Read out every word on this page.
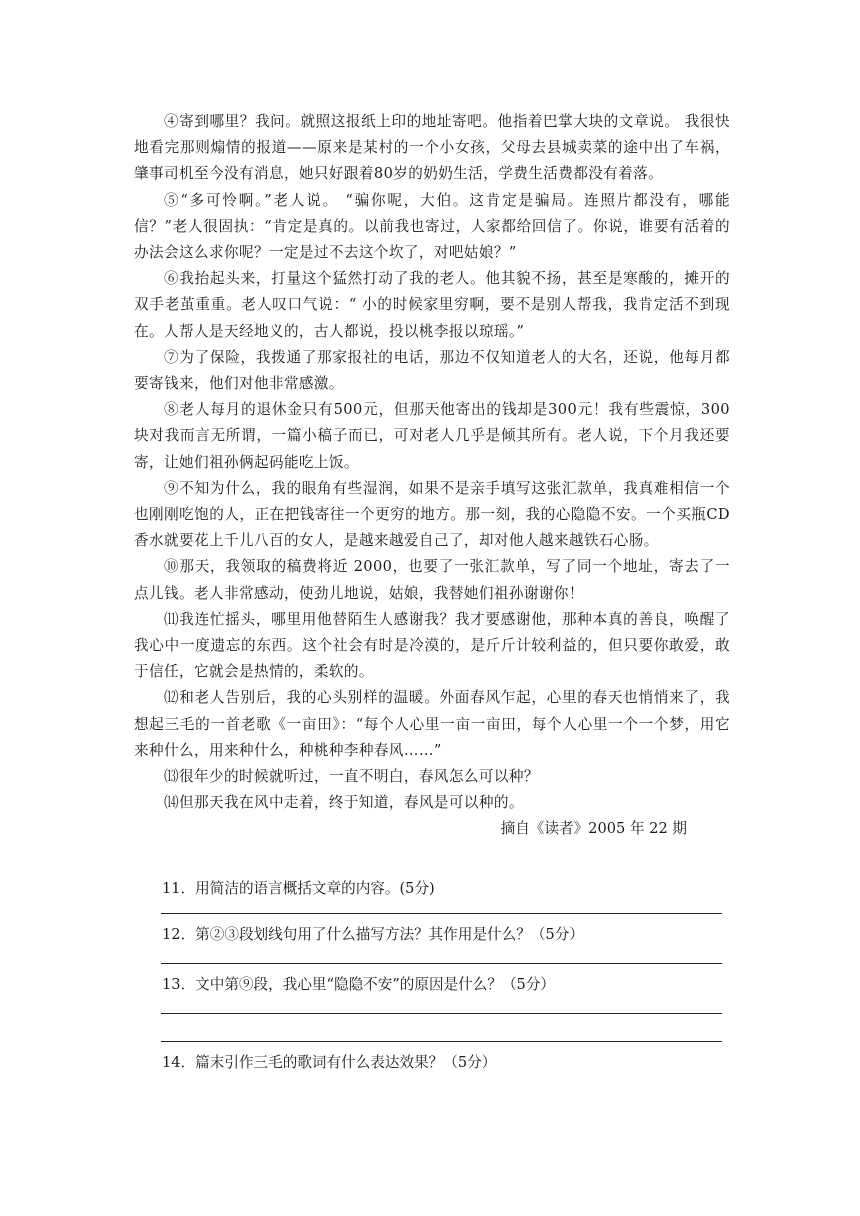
④寄到哪里？我问。就照这报纸上印的地址寄吧。他指着巴掌大块的文章说。 我很快地看完那则煽情的报道——原来是某村的一个小女孩，父母去县城卖菜的途中出了车祸，肇事司机至今没有消息，她只好跟着80岁的奶奶生活，学费生活费都没有着落。

⑤“多可怜啊。”老人说。 “骗你呢，大伯。这肯定是骗局。连照片都没有，哪能信？”老人很固执：“肯定是真的。以前我也寄过，人家都给回信了。你说，谁要有活着的办法会这么求你呢？一定是过不去这个坎了，对吧姑娘？”

⑥我抬起头来，打量这个猛然打动了我的老人。他其貌不扬，甚至是寒酸的，摊开的双手老茧重重。老人叹口气说：“ 小的时候家里穷啊，要不是别人帮我，我肯定活不到现在。人帮人是天经地义的，古人都说，投以桃李报以琼瑶。”

⑦为了保险，我拨通了那家报社的电话，那边不仅知道老人的大名，还说，他每月都要寄钱来，他们对他非常感激。

⑧老人每月的退休金只有500元，但那天他寄出的钱却是300元！我有些震惊，300块对我而言无所谓，一篇小稿子而已，可对老人几乎是倾其所有。老人说，下个月我还要寄，让她们祖孙俩起码能吃上饭。

⑨不知为什么，我的眼角有些湿润，如果不是亲手填写这张汇款单，我真难相信一个也刚刚吃饱的人，正在把钱寄往一个更穷的地方。那一刻，我的心隐隐不安。一个买瓶CD 香水就要花上千儿八百的女人，是越来越爱自己了，却对他人越来越铁石心肠。

⑩那天，我领取的稿费将近 2000，也要了一张汇款单，写了同一个地址，寄去了一点儿钱。老人非常感动，使劲儿地说，姑娘，我替她们祖孙谢谢你！

⑾我连忙摇头，哪里用他替陌生人感谢我？我才要感谢他，那种本真的善良，唤醒了我心中一度遗忘的东西。这个社会有时是冷漠的，是斤斤计较利益的，但只要你敢爱，敢于信任，它就会是热情的，柔软的。

⑿和老人告别后，我的心头别样的温暖。外面春风乍起，心里的春天也悄悄来了，我想起三毛的一首老歌《一亩田》：“每个人心里一亩一亩田，每个人心里一个一个梦，用它来种什么，用来种什么，种桃种李种春风……”

⒀很年少的时候就听过，一直不明白，春风怎么可以种？

⒁但那天我在风中走着，终于知道，春风是可以种的。

摘自《读者》2005 年 22 期

11．用简洁的语言概括文章的内容。(5分)

12．第②③段划线句用了什么描写方法？其作用是什么？（5分）

13．文中第⑨段，我心里“隐隐不安”的原因是什么？（5分）

14．篇末引作三毛的歌词有什么表达效果？（5分）
